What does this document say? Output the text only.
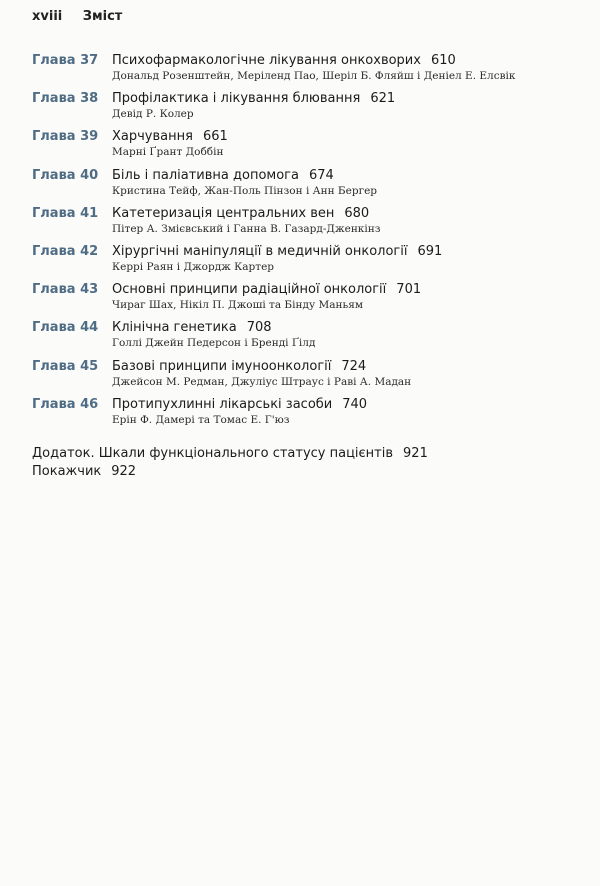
xviii Зміст
Глава 37	Психофармакологічне лікування онкохворих 610
Дональд Розенштейн, Меріленд Пао, Шеріл Б. Фляйш і Деніел Е. Елсвік
Глава 38	Профілактика і лікування блювання 621
Девід Р. Колер
Глава 39	Харчування 661
Марні Ґрант Доббін
Глава 40	Біль і паліативна допомога 674
Кристина Тейф, Жан-Поль Пінзон і Анн Бергер
Глава 41	Катетеризація центральних вен 680
Пітер А. Змієвський і Ганна В. Газард-Дженкінз
Глава 42	Хірургічні маніпуляції в медичній онкології 691
Керрі Раян і Джордж Картер
Глава 43	Основні принципи радіаційної онкології 701
Чираг Шах, Нікіл П. Джоші та Бінду Маньям
Глава 44	Клінічна генетика 708
Голлі Джейн Педерсон і Бренді Ґілд
Глава 45	Базові принципи імуноонкології 724
Джейсон М. Редман, Джуліус Штраус і Раві А. Мадан
Глава 46	Протипухлинні лікарські засоби 740
Ерін Ф. Дамері та Томас Е. Г'юз
Додаток. Шкали функціонального статусу пацієнтів 921
Покажчик 922
